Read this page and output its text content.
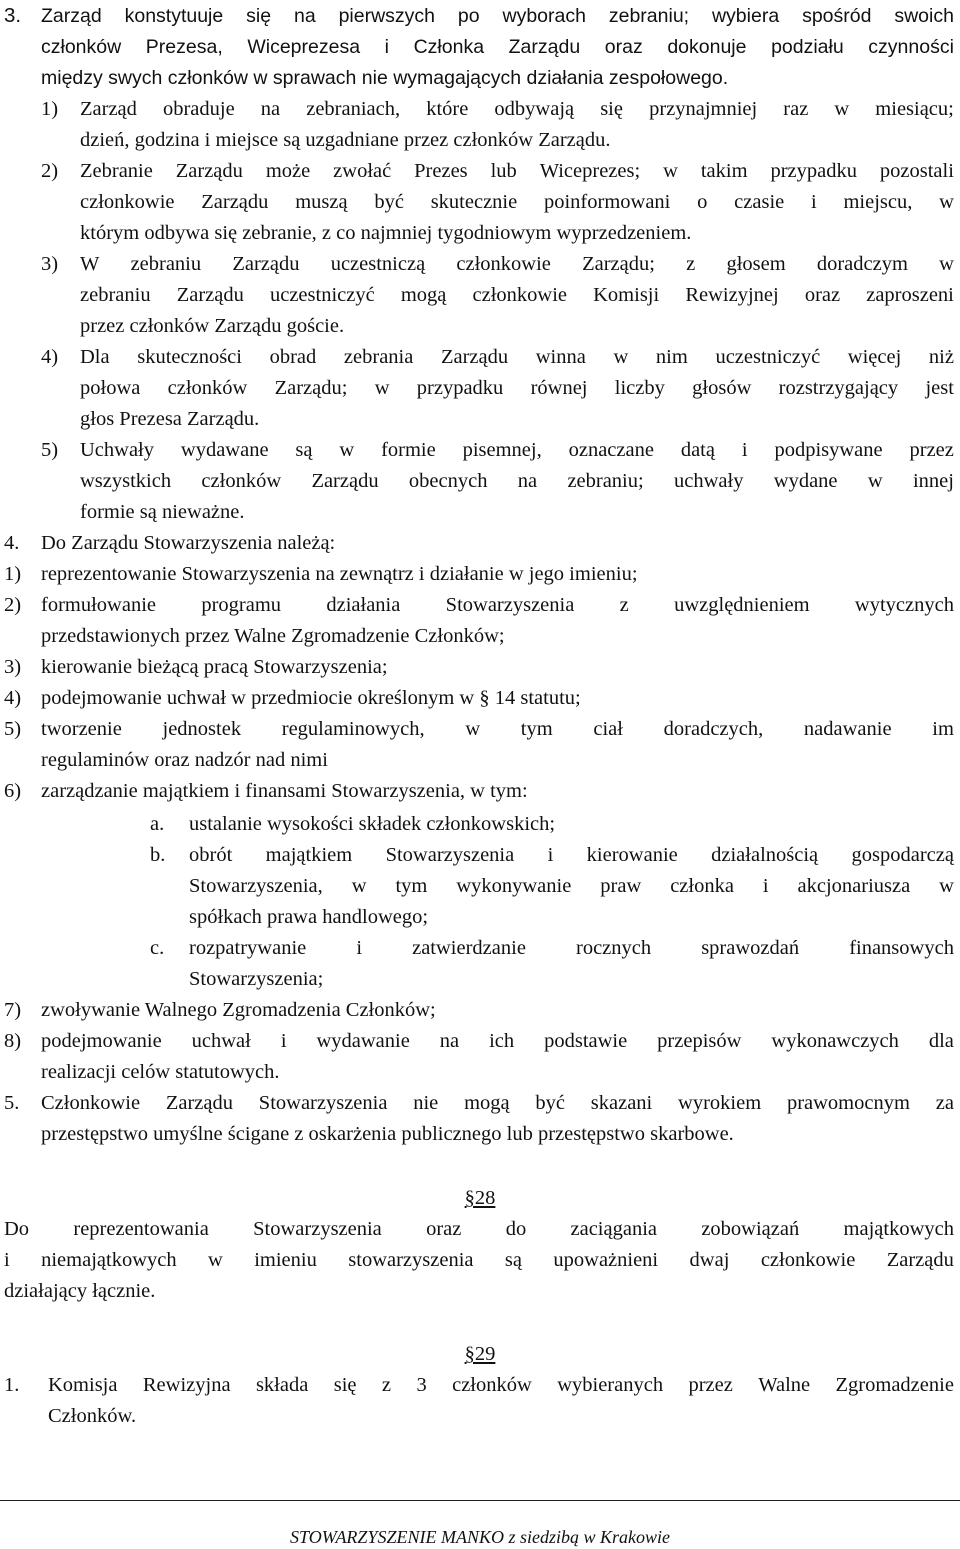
3. Zarząd konstytuuje się na pierwszych po wyborach zebraniu; wybiera spośród swoich
członków Prezesa, Wiceprezesa i Członka Zarządu oraz dokonuje podziału czynności
między swych członków w sprawach nie wymagających działania zespołowego.
1) Zarząd obraduje na zebraniach, które odbywają się przynajmniej raz w miesiącu;
dzień, godzina i miejsce są uzgadniane przez członków Zarządu.
2) Zebranie Zarządu może zwołać Prezes lub Wiceprezes; w takim przypadku pozostali
członkowie Zarządu muszą być skutecznie poinformowani o czasie i miejscu, w
którym odbywa się zebranie, z co najmniej tygodniowym wyprzedzeniem.
3) W zebraniu Zarządu uczestniczą członkowie Zarządu; z głosem doradczym w
zebraniu Zarządu uczestniczyć mogą członkowie Komisji Rewizyjnej oraz zaproszeni
przez członków Zarządu goście.
4) Dla skuteczności obrad zebrania Zarządu winna w nim uczestniczyć więcej niż
połowa członków Zarządu; w przypadku równej liczby głosów rozstrzygający jest
głos Prezesa Zarządu.
5) Uchwały wydawane są w formie pisemnej, oznaczane datą i podpisywane przez
wszystkich członków Zarządu obecnych na zebraniu; uchwały wydane w innej
formie są nieważne.
4. Do Zarządu Stowarzyszenia należą:
1) reprezentowanie Stowarzyszenia na zewnątrz i działanie w jego imieniu;
2) formułowanie programu działania Stowarzyszenia z uwzględnieniem wytycznych
przedstawionych przez Walne Zgromadzenie Członków;
3) kierowanie bieżącą pracą Stowarzyszenia;
4) podejmowanie uchwał w przedmiocie określonym w § 14 statutu;
5) tworzenie jednostek regulaminowych, w tym ciał doradczych, nadawanie im
regulaminów oraz nadzór nad nimi
6) zarządzanie majątkiem i finansami Stowarzyszenia, w tym:
a. ustalanie wysokości składek członkowskich;
b. obrót majątkiem Stowarzyszenia i kierowanie działalnością gospodarczą
Stowarzyszenia, w tym wykonywanie praw członka i akcjonariusza w
spółkach prawa handlowego;
c. rozpatrywanie i zatwierdzanie rocznych sprawozdań finansowych
Stowarzyszenia;
7) zwoływanie Walnego Zgromadzenia Członków;
8) podejmowanie uchwał i wydawanie na ich podstawie przepisów wykonawczych dla
realizacji celów statutowych.
5. Członkowie Zarządu Stowarzyszenia nie mogą być skazani wyrokiem prawomocnym za
przestępstwo umyślne ścigane z oskarżenia publicznego lub przestępstwo skarbowe.
§28
Do reprezentowania Stowarzyszenia oraz do zaciągania zobowiązań majątkowych
i niemajątkowych w imieniu stowarzyszenia są upoważnieni dwaj członkowie Zarządu
działający łącznie.
§29
1. Komisja Rewizyjna składa się z 3 członków wybieranych przez Walne Zgromadzenie
Członków.
STOWARZYSZENIE MANKO z siedzibą w Krakowie
